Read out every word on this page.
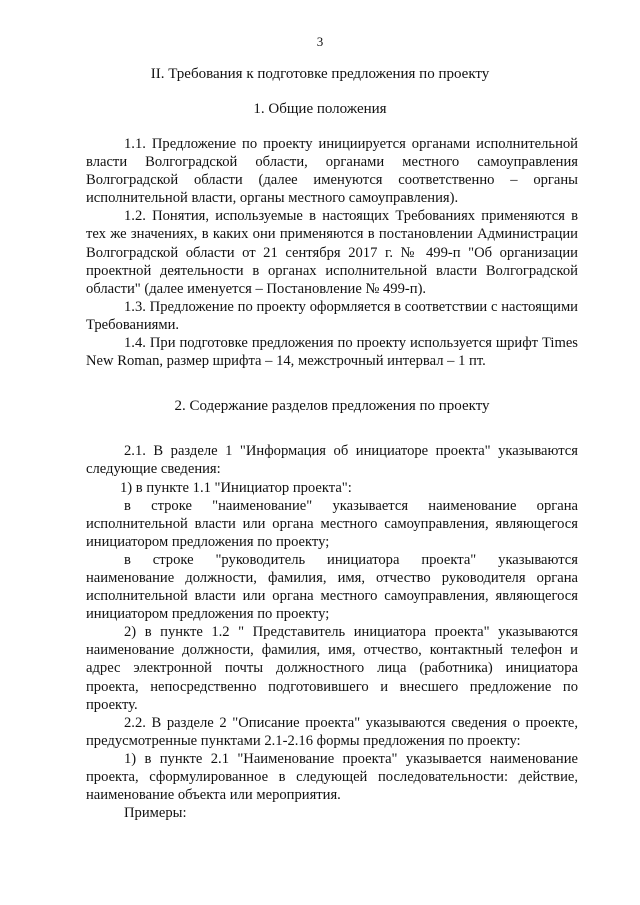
3
II. Требования к подготовке предложения по проекту
1. Общие положения

1.1. Предложение по проекту инициируется органами исполнительной власти Волгоградской области, органами местного самоуправления Волгоградской области (далее именуются соответственно – органы исполнительной власти, органы местного самоуправления).

1.2. Понятия, используемые в настоящих Требованиях применяются в тех же значениях, в каких они применяются в постановлении Администрации Волгоградской области от 21 сентября 2017 г. № 499-п "Об организации проектной деятельности в органах исполнительной власти Волгоградской области" (далее именуется – Постановление № 499-п).

1.3. Предложение по проекту оформляется в соответствии с настоящими Требованиями.

1.4. При подготовке предложения по проекту используется шрифт Times New Roman, размер шрифта – 14, межстрочный интервал – 1 пт.

2. Содержание разделов предложения по проекту

2.1. В разделе 1 "Информация об инициаторе проекта" указываются следующие сведения:

1) в пункте 1.1 "Инициатор проекта":

в строке "наименование" указывается наименование органа исполнительной власти или органа местного самоуправления, являющегося инициатором предложения по проекту;

в строке "руководитель инициатора проекта" указываются наименование должности, фамилия, имя, отчество руководителя органа исполнительной власти или органа местного самоуправления, являющегося инициатором предложения по проекту;

2) в пункте 1.2 " Представитель инициатора проекта" указываются наименование должности, фамилия, имя, отчество, контактный телефон и адрес электронной почты должностного лица (работника) инициатора проекта, непосредственно подготовившего и внесшего предложение по проекту.

2.2. В разделе 2 "Описание проекта" указываются сведения о проекте, предусмотренные пунктами 2.1-2.16 формы предложения по проекту:

1) в пункте 2.1 "Наименование проекта" указывается наименование проекта, сформулированное в следующей последовательности: действие, наименование объекта или мероприятия.

Примеры:
